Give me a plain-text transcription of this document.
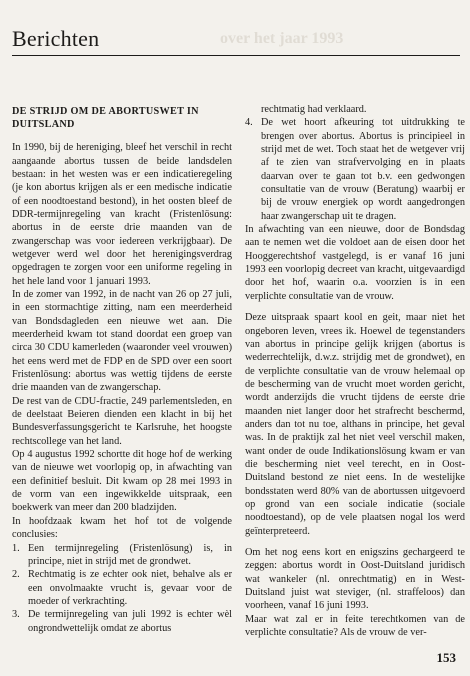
over het jaar 1993
Berichten
DE STRIJD OM DE ABORTUSWET IN DUITSLAND

In 1990, bij de hereniging, bleef het verschil in recht aangaande abortus tussen de beide landsdelen bestaan: in het westen was er een indicatieregeling (je kon abortus krijgen als er een medische indicatie of een noodtoestand bestond), in het oosten bleef de DDR-termijnregeling van kracht (Fristenlösung: abortus in de eerste drie maanden van de zwangerschap was voor iedereen verkrijgbaar). De wetgever werd wel door het herenigingsverdrag opgedragen te zorgen voor een uniforme regeling in het hele land voor 1 januari 1993.

In de zomer van 1992, in de nacht van 26 op 27 juli, in een stormachtige zitting, nam een meerderheid van Bondsdagleden een nieuwe wet aan. Die meerderheid kwam tot stand doordat een groep van circa 30 CDU kamerleden (waaronder veel vrouwen) het eens werd met de FDP en de SPD over een soort Fristenlösung: abortus was wettig tijdens de eerste drie maanden van de zwangerschap.

De rest van de CDU-fractie, 249 parlementsleden, en de deelstaat Beieren dienden een klacht in bij het Bundesverfassungsgericht te Karlsruhe, het hoogste rechtscollege van het land.

Op 4 augustus 1992 schortte dit hoge hof de werking van de nieuwe wet voorlopig op, in afwachting van een definitief besluit. Dit kwam op 28 mei 1993 in de vorm van een ingewikkelde uitspraak, een boekwerk van meer dan 200 bladzijden.

In hoofdzaak kwam het hof tot de volgende conclusies:

1. Een termijnregeling (Fristenlösung) is, in principe, niet in strijd met de grondwet.
2. Rechtmatig is ze echter ook niet, behalve als er een onvolmaakte vrucht is, gevaar voor de moeder of verkrachting.
3. De termijnregeling van juli 1992 is echter wèl ongrondwettelijk omdat ze abortus
rechtmatig had verklaard.
4. De wet hoort afkeuring tot uitdrukking te brengen over abortus. Abortus is principieel in strijd met de wet. Toch staat het de wetgever vrij af te zien van strafvervolging en in plaats daarvan over te gaan tot b.v. een gedwongen consultatie van de vrouw (Beratung) waarbij er bij de vrouw energiek op wordt aangedrongen haar zwangerschap uit te dragen.

In afwachting van een nieuwe, door de Bondsdag aan te nemen wet die voldoet aan de eisen door het Hooggerechtshof vastgelegd, is er vanaf 16 juni 1993 een voorlopig decreet van kracht, uitgevaardigd door het hof, waarin o.a. voorzien is in een verplichte consultatie van de vrouw.

Deze uitspraak spaart kool en geit, maar niet het ongeboren leven, vrees ik. Hoewel de tegenstanders van abortus in principe gelijk krijgen (abortus is wederrechtelijk, d.w.z. strijdig met de grondwet), en de verplichte consultatie van de vrouw helemaal op de bescherming van de vrucht moet worden gericht, wordt anderzijds die vrucht tijdens de eerste drie maanden niet langer door het strafrecht beschermd, anders dan tot nu toe, althans in principe, het geval was. In de praktijk zal het niet veel verschil maken, want onder de oude Indikationslösung kwam er van die bescherming niet veel terecht, en in Oost-Duitsland bestond ze niet eens. In de westelijke bondsstaten werd 80% van de abortussen uitgevoerd op grond van een sociale indicatie (sociale noodtoestand), op de vele plaatsen nogal los werd geïnterpreteerd.

Om het nog eens kort en enigszins gechargeerd te zeggen: abortus wordt in Oost-Duitsland juridisch wat wankeler (nl. onrechtmatig) en in West-Duitsland juist wat steviger, (nl. straffeloos) dan voorheen, vanaf 16 juni 1993.

Maar wat zal er in feite terechtkomen van de verplichte consultatie? Als de vrouw de ver-

153
